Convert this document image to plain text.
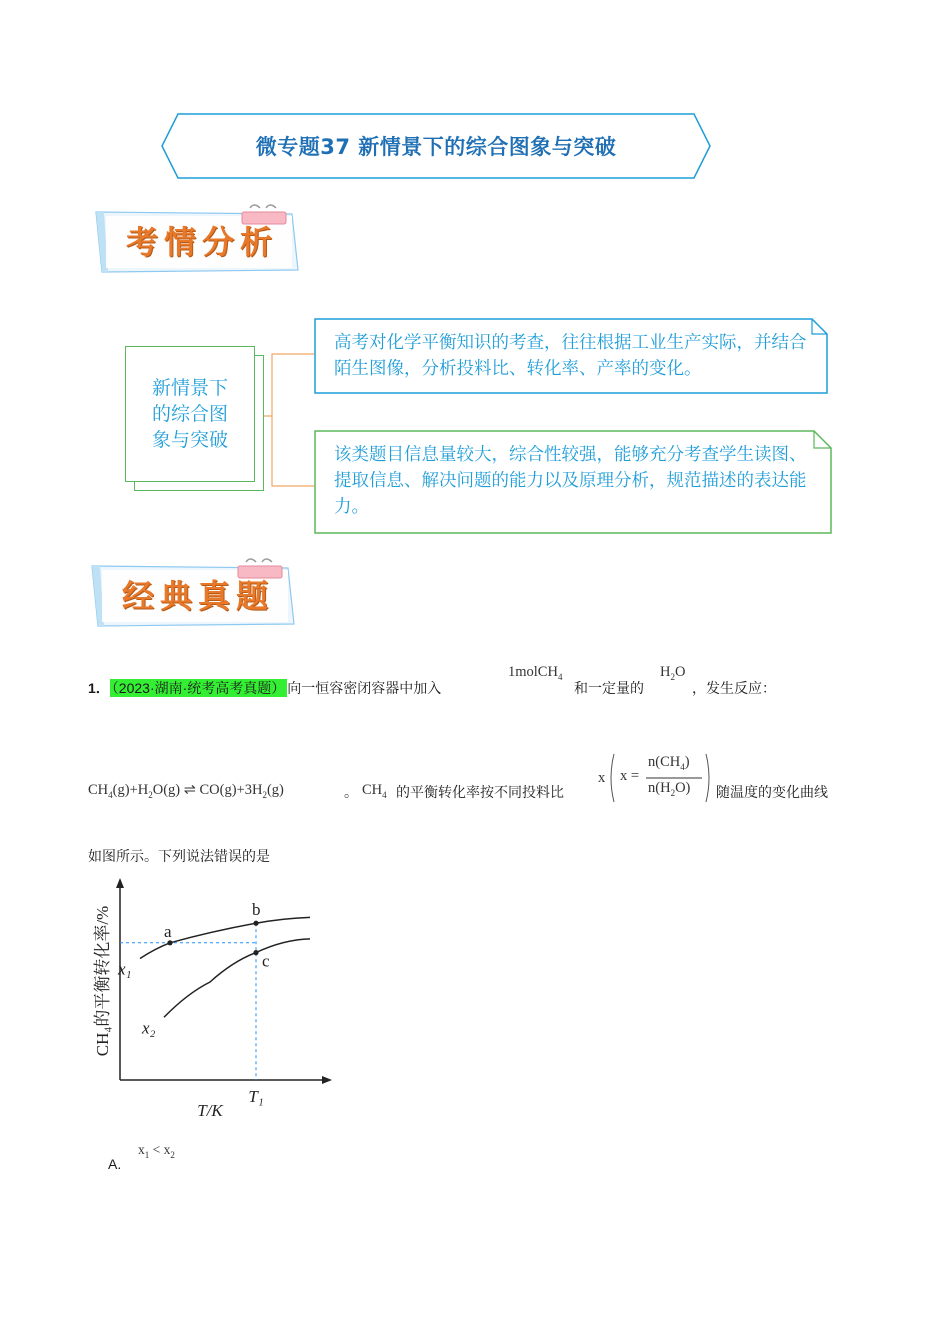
微专题37 新情景下的综合图象与突破
考情分析
新情景下的综合图象与突破
高考对化学平衡知识的考查，往往根据工业生产实际，并结合陌生图像，分析投料比、转化率、产率的变化。
该类题目信息量较大，综合性较强，能够充分考查学生读图、提取信息、解决问题的能力以及原理分析，规范描述的表达能力。
经典真题
1． （2023·湖南·统考高考真题） 向一恒容密闭容器中加入
1molCH$_4$
和一定量的
$H_2O$
，发生反应：
$CH_4(g)+H_2O(g)$ ⇌ $CO(g)+3H_2(g)$	。 $CH_4$ 的平衡转化率按不同投料比
x x =
$n(CH_4)$
$n(H_2O)$ 随温度的变化曲线
如图所示。下列说法错误的是
x₁
x₂
a
b
c
CH₄的平衡转化率/%
T/K
T₁
A.
$x_1 < x_2$
